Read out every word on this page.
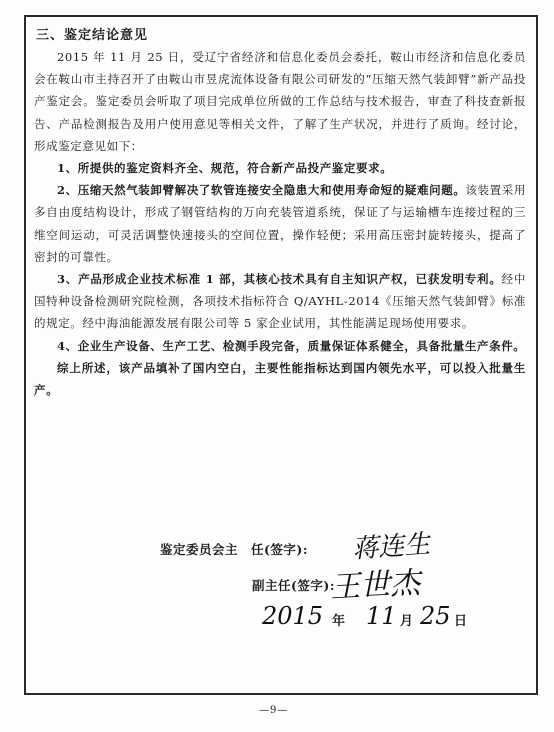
三、鉴定结论意见

2015 年 11 月 25 日，受辽宁省经济和信息化委员会委托，鞍山市经济和信息化委员会在鞍山市主持召开了由鞍山市昱虎流体设备有限公司研发的“压缩天然气装卸臂”新产品投产鉴定会。鉴定委员会听取了项目完成单位所做的工作总结与技术报告，审查了科技查新报告、产品检测报告及用户使用意见等相关文件，了解了生产状况，并进行了质询。经讨论，形成鉴定意见如下：

1、所提供的鉴定资料齐全、规范，符合新产品投产鉴定要求。

2、压缩天然气装卸臂解决了软管连接安全隐患大和使用寿命短的疑难问题。该装置采用多自由度结构设计，形成了钢管结构的万向充装管道系统，保证了与运输槽车连接过程的三维空间运动，可灵活调整快速接头的空间位置，操作轻便；采用高压密封旋转接头，提高了密封的可靠性。

3、产品形成企业技术标准 1 部，其核心技术具有自主知识产权，已获发明专利。经中国特种设备检测研究院检测，各项技术指标符合 Q/AYHL-2014《压缩天然气装卸臂》标准的规定。经中海油能源发展有限公司等 5 家企业试用，其性能满足现场使用要求。

4、企业生产设备、生产工艺、检测手段完备，质量保证体系健全，具备批量生产条件。

综上所述，该产品填补了国内空白，主要性能指标达到国内领先水平，可以投入批量生产。

鉴定委员会主　任(签字): 蒋连生
副主任(签字):
王世杰
2015 年 11 月 25 日
—9—
